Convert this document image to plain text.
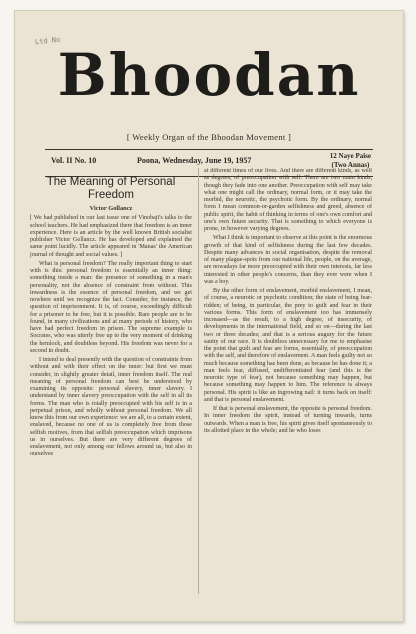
Ltd No
Bhoodan
[ Weekly Organ of the Bhoodan Movement ]
Vol. II No. 10	Poona, Wednesday, June 19, 1957	12 Naye Paise
(Two Annas)
The Meaning of Personal Freedom
Victor Gollancz

[ We had published in our last issue one of Vinobaji's talks to the school teachers. He had emphasized there that freedom is an inner experience. Here is an article by the well known British socialist publisher Victor Gollancz. He has developed and explained the same point lucidly. The article appeared in 'Manas' the American journal of thought and social values. ]

What is personal freedom? The really important thing to start with is this: personal freedom is essentially an inner thing: something inside a man: the presence of something in a man's personality, not the absence of constraint from without. This inwardness is the essence of personal freedom, and we get nowhere until we recognize the fact. Consider, for instance, the question of imprisonment. It is, of course, exceedingly difficult for a prisoner to be free, but it is possible. Rare people are to be found, in many civilizations and at many periods of history, who have had perfect freedom in prison. The supreme example is Socrates, who was utterly free up to the very moment of drinking the hemlock, and doubtless beyond. His freedom was never for a second in doubt.

I intend to deal presently with the question of constraints from without and with their effect on the inner: but first we must consider, in slightly greater detail, inner freedom itself. The real meaning of personal freedom can best be understood by examining its opposite: personal slavery, inner slavery. I understand by inner slavery preoccupation with the self in all its forms. The man who is totally preoccupied with his self is in a perpetual prison, and wholly without personal freedom. We all know this from our own experience: we are all, to a certain extent, enslaved, because no one of us is completely free from those selfish motives, from that selfish preoccupation which imprisons us in ourselves. But there are very different degrees of enslavement, not only among our fellows around us, but also in ourselves

at different times of our lives. And there are different kinds, as well as degrees, of preoccupation with self. There are two main kinds, though they fade into one another. Preoccupation with self may take what one might call the ordinary, normal form, or it may take the morbid, the neurotic, the psychotic form. By the ordinary, normal form I mean common-or-garden selfishness and greed, absence of public spirit, the habit of thinking in terms of one's own comfort and one's own future security. That is something to which everyone is prone, in however varying degrees.

What I think is important to observe at this point is the enormous growth of that kind of selfishness during the last few decades. Despite many advances in social organisation, despite the removal of many plague-spots from our national life, people, on the average, are nowadays far more preoccupied with their own interests, far less interested in other people's concerns, than they ever were when I was a boy.

By the other form of enslavement, morbid enslavement, I mean, of course, a neurotic or psychotic condition; the state of being fear-ridden; of being, in particular, the prey to guilt and fear in their various forms. This form of enslavement too has immensely increased—as the result, to a high degree, of insecurity, of developments in the international field, and so on—during the last two or three decades; and that is a serious augury for the future sanity of our race. It is doubtless unnecessary for me to emphasise the point that guilt and fear are forms, essentially, of preoccupation with the self, and therefore of enslavement. A man feels guilty not so much because something has been done, as because he has done it; a man feels fear, diffused, undifferentiated fear (and this is the neurotic type of fear), not because something may happen, but because something may happen to him. The reference is always personal. His spirit is like an ingrowing nail: it turns back on itself: and that is personal enslavement.

If that is personal enslavement, the opposite is personal freedom. In inner freedom the spirit, instead of turning inwards, turns outwards. When a man is free, his spirit gives itself spontaneously to its allotted place in the whole; and he who loses
